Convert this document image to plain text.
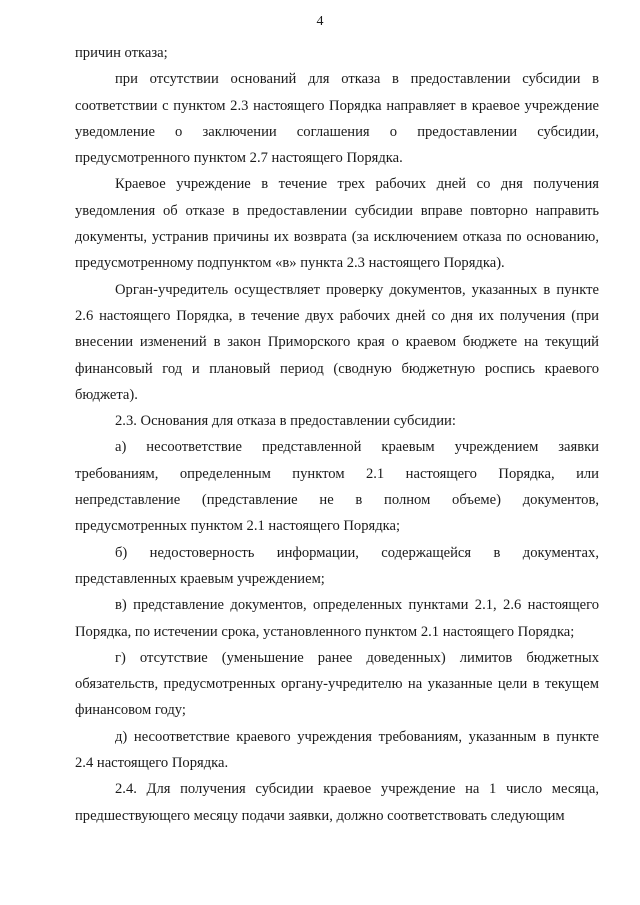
4

причин отказа;

при отсутствии оснований для отказа в предоставлении субсидии в соответствии с пунктом 2.3 настоящего Порядка направляет в краевое учреждение уведомление о заключении соглашения о предоставлении субсидии, предусмотренного пунктом 2.7 настоящего Порядка.

Краевое учреждение в течение трех рабочих дней со дня получения уведомления об отказе в предоставлении субсидии вправе повторно направить документы, устранив причины их возврата (за исключением отказа по основанию, предусмотренному подпунктом «в» пункта 2.3 настоящего Порядка).

Орган-учредитель осуществляет проверку документов, указанных в пункте 2.6 настоящего Порядка, в течение двух рабочих дней со дня их получения (при внесении изменений в закон Приморского края о краевом бюджете на текущий финансовый год и плановый период (сводную бюджетную роспись краевого бюджета).

2.3. Основания для отказа в предоставлении субсидии:

а) несоответствие представленной краевым учреждением заявки требованиям, определенным пунктом 2.1 настоящего Порядка, или непредставление (представление не в полном объеме) документов, предусмотренных пунктом 2.1 настоящего Порядка;

б) недостоверность информации, содержащейся в документах, представленных краевым учреждением;

в) представление документов, определенных пунктами 2.1, 2.6 настоящего Порядка, по истечении срока, установленного пунктом 2.1 настоящего Порядка;

г) отсутствие (уменьшение ранее доведенных) лимитов бюджетных обязательств, предусмотренных органу-учредителю на указанные цели в текущем финансовом году;

д) несоответствие краевого учреждения требованиям, указанным в пункте 2.4 настоящего Порядка.

2.4. Для получения субсидии краевое учреждение на 1 число месяца, предшествующего месяцу подачи заявки, должно соответствовать следующим
